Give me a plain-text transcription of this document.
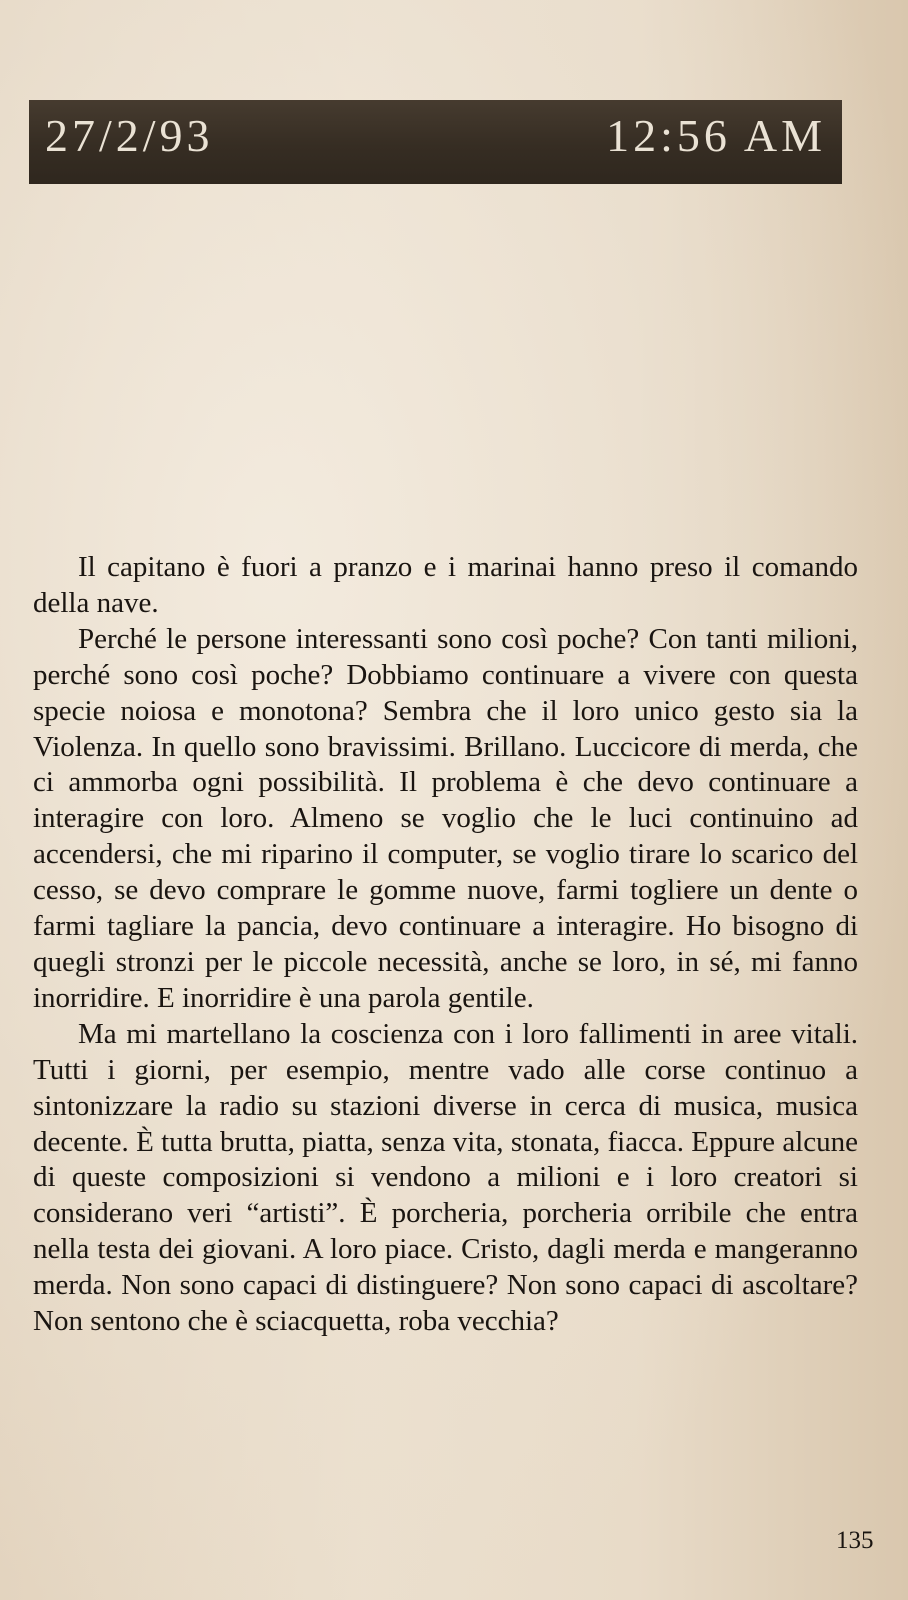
27/2/93	12:56 AM

Il capitano è fuori a pranzo e i marinai hanno preso il comando della nave.

Perché le persone interessanti sono così poche? Con tanti milioni, perché sono così poche? Dobbiamo continuare a vivere con questa specie noiosa e monotona? Sembra che il loro unico gesto sia la Violenza. In quello sono bravissimi. Brillano. Luccicore di merda, che ci ammorba ogni possibilità. Il problema è che devo continuare a interagire con loro. Almeno se voglio che le luci continuino ad accendersi, che mi riparino il computer, se voglio tirare lo scarico del cesso, se devo comprare le gomme nuove, farmi togliere un dente o farmi tagliare la pancia, devo continuare a interagire. Ho bisogno di quegli stronzi per le piccole necessità, anche se loro, in sé, mi fanno inorridire. E inorridire è una parola gentile.

Ma mi martellano la coscienza con i loro fallimenti in aree vitali. Tutti i giorni, per esempio, mentre vado alle corse continuo a sintonizzare la radio su stazioni diverse in cerca di musica, musica decente. È tutta brutta, piatta, senza vita, stonata, fiacca. Eppure alcune di queste composizioni si vendono a milioni e i loro creatori si considerano veri “artisti”. È porcheria, porcheria orribile che entra nella testa dei giovani. A loro piace. Cristo, dagli merda e mangeranno merda. Non sono capaci di distinguere? Non sono capaci di ascoltare? Non sentono che è sciacquetta, roba vecchia?

135
